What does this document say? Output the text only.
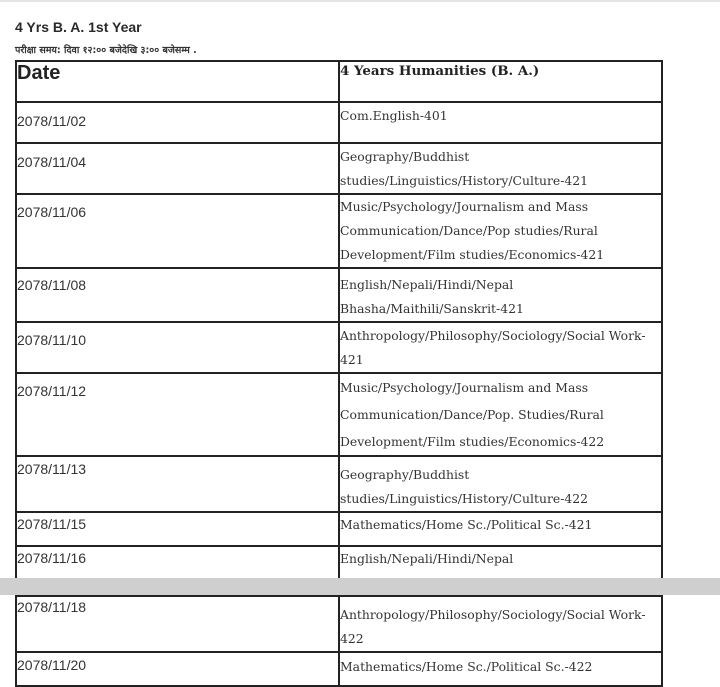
4 Yrs B. A. 1st Year
परीक्षा समय: दिवा १२:०० बजेदेखि ३:०० बजेसम्म .
Date	4 Years Humanities (B. A.)
2078/11/02	Com.English-401
2078/11/04	Geography/Buddhist studies/Linguistics/History/Culture-421
2078/11/06	Music/Psychology/Journalism and Mass Communication/Dance/Pop studies/Rural Development/Film studies/Economics-421
2078/11/08	English/Nepali/Hindi/Nepal Bhasha/Maithili/Sanskrit-421
2078/11/10	Anthropology/Philosophy/Sociology/Social Work-421
2078/11/12	Music/Psychology/Journalism and Mass Communication/Dance/Pop. Studies/Rural Development/Film studies/Economics-422
2078/11/13	Geography/Buddhist studies/Linguistics/History/Culture-422
2078/11/15	Mathematics/Home Sc./Political Sc.-421
2078/11/16	English/Nepali/Hindi/Nepal
2078/11/18	Anthropology/Philosophy/Sociology/Social Work-422
2078/11/20	Mathematics/Home Sc./Political Sc.-422
